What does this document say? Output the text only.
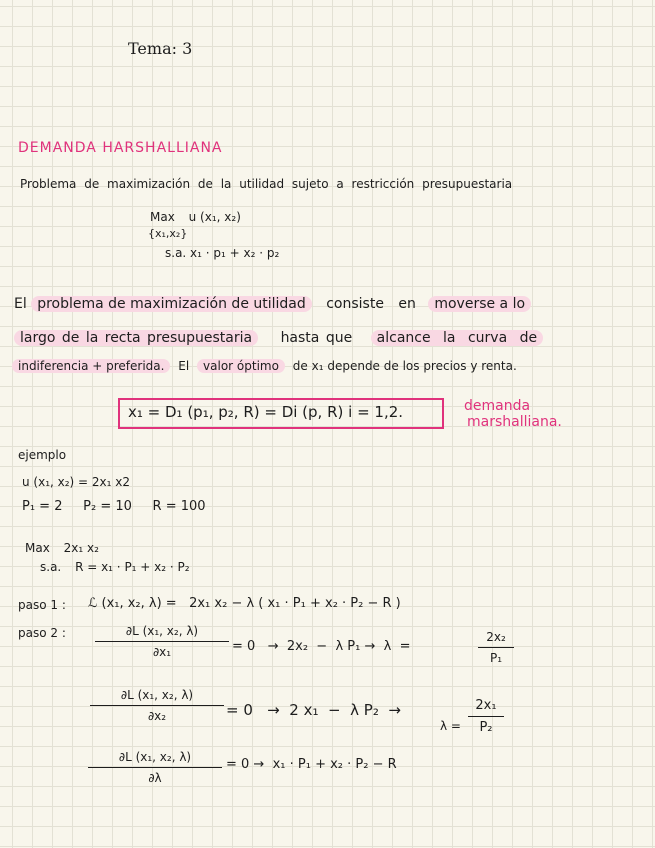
Tema: 3
DEMANDA HARSHALLIANA
Problema de maximización de la utilidad sujeto a restricción presupuestaria
Max u (x₁, x₂)
{x₁,x₂}
s.a. x₁ · p₁ + x₂ · p₂
El problema de maximización de utilidad consiste en moverse a lo
largo de la recta presupuestaria hasta que alcance la curva de
indiferencia + preferida. El valor óptimo de x₁ depende de los precios y renta.
x₁ = D₁ (p₁, p₂, R) = Di (p, R) i = 1,2.	demanda
marshalliana.
ejemplo
u (x₁, x₂) = 2x₁ x2
P₁ = 2     P₂ = 10     R = 100
Max 2x₁ x₂
s.a. R = x₁ · P₁ + x₂ · P₂
paso 1 : ℒ (x₁, x₂, λ) =   2x₁ x₂ − λ ( x₁ · P₁ + x₂ · P₂ − R )
paso 2 :	∂L (x₁, x₂, λ)
∂x₁	= 0   →  2x₂  −  λ P₁ →  λ  =
2x₂
P₁
∂L (x₁, x₂, λ)
∂x₂	= 0   →  2 x₁  −  λ P₂  →
λ =
2x₁
P₂
∂L (x₁, x₂, λ)
∂λ
= 0 →  x₁ · P₁ + x₂ · P₂ − R
